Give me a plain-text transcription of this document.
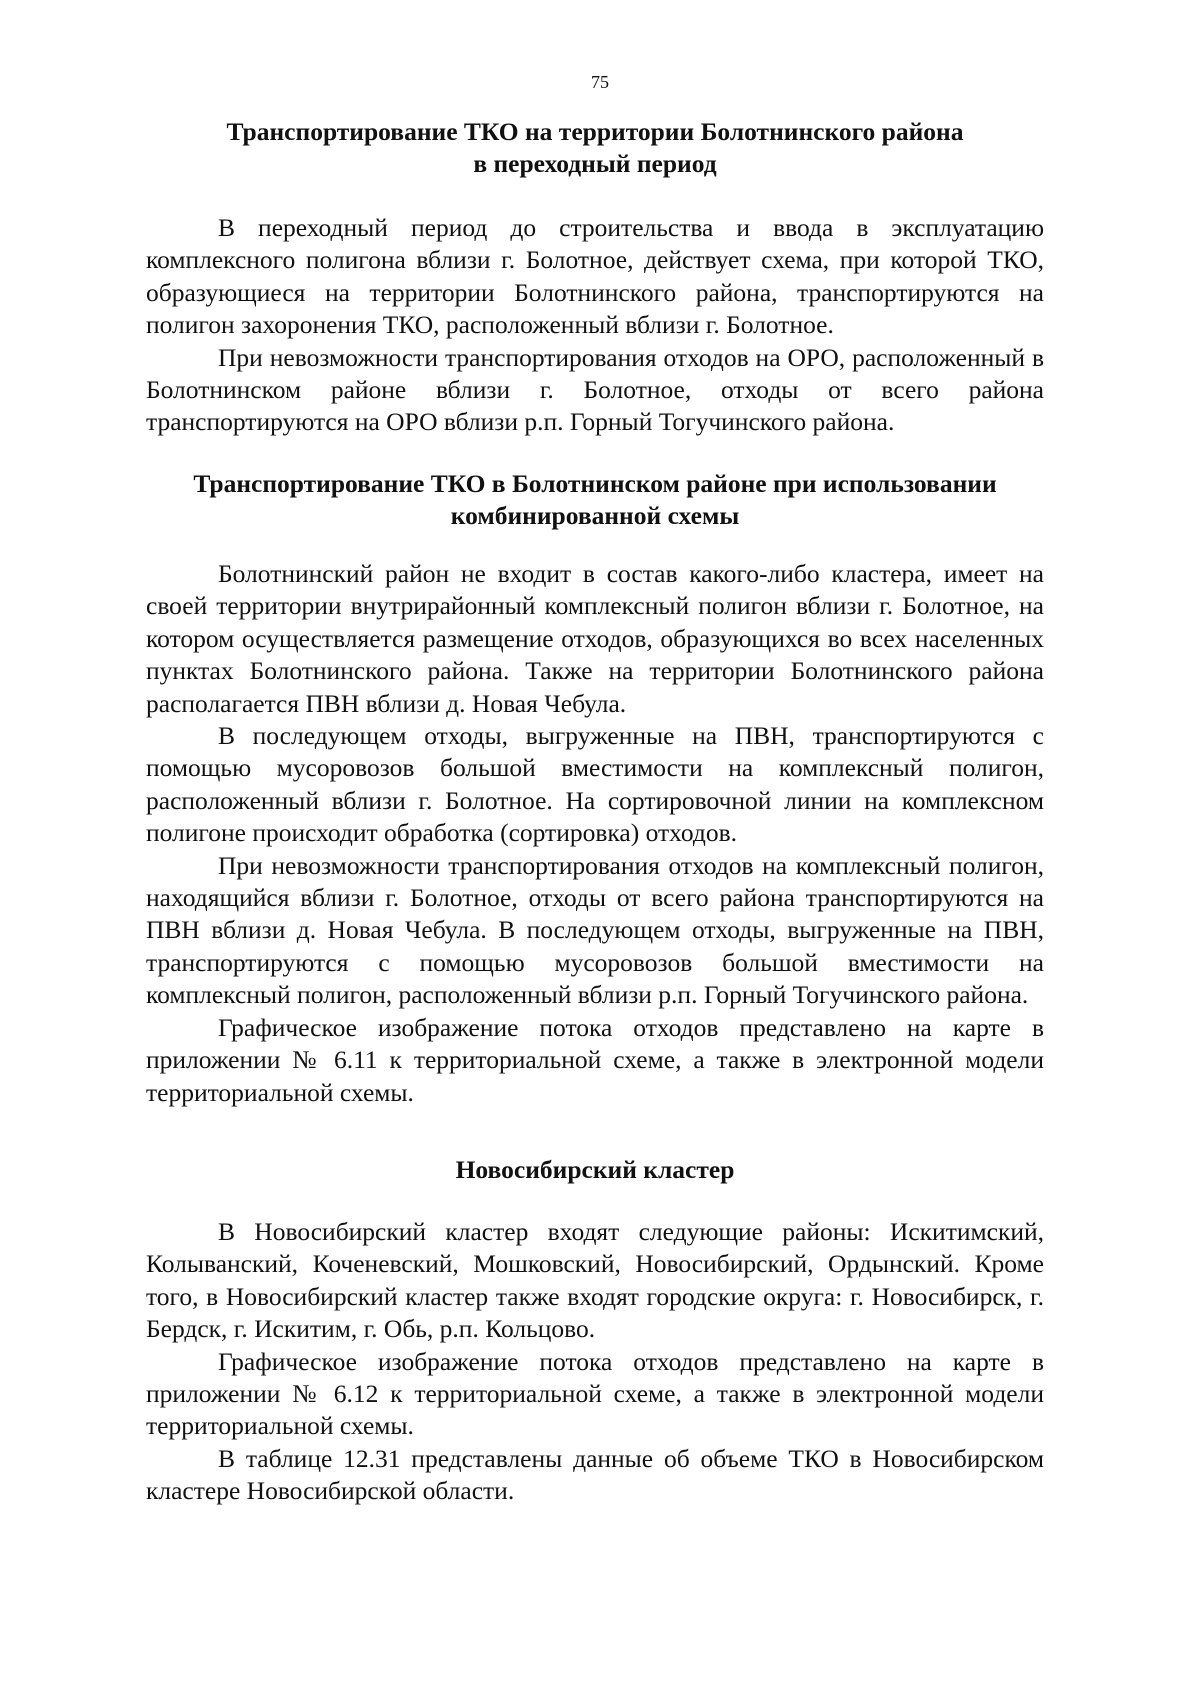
75
Транспортирование ТКО на территории Болотнинского района
в переходный период

В переходный период до строительства и ввода в эксплуатацию комплексного полигона вблизи г. Болотное, действует схема, при которой ТКО, образующиеся на территории Болотнинского района, транспортируются на полигон захоронения ТКО, расположенный вблизи г. Болотное.

При невозможности транспортирования отходов на ОРО, расположенный в Болотнинском районе вблизи г. Болотное, отходы от всего района транспортируются на ОРО вблизи р.п. Горный Тогучинского района.

Транспортирование ТКО в Болотнинском районе при использовании
комбинированной схемы

Болотнинский район не входит в состав какого-либо кластера, имеет на своей территории внутрирайонный комплексный полигон вблизи г. Болотное, на котором осуществляется размещение отходов, образующихся во всех населенных пунктах Болотнинского района. Также на территории Болотнинского района располагается ПВН вблизи д. Новая Чебула.

В последующем отходы, выгруженные на ПВН, транспортируются с помощью мусоровозов большой вместимости на комплексный полигон, расположенный вблизи г. Болотное. На сортировочной линии на комплексном полигоне происходит обработка (сортировка) отходов.

При невозможности транспортирования отходов на комплексный полигон, находящийся вблизи г. Болотное, отходы от всего района транспортируются на ПВН вблизи д. Новая Чебула. В последующем отходы, выгруженные на ПВН, транспортируются с помощью мусоровозов большой вместимости на комплексный полигон, расположенный вблизи р.п. Горный Тогучинского района.

Графическое изображение потока отходов представлено на карте в приложении № 6.11 к территориальной схеме, а также в электронной модели территориальной схемы.

Новосибирский кластер

В Новосибирский кластер входят следующие районы: Искитимский, Колыванский, Коченевский, Мошковский, Новосибирский, Ордынский. Кроме того, в Новосибирский кластер также входят городские округа: г. Новосибирск, г. Бердск, г. Искитим, г. Обь, р.п. Кольцово.

Графическое изображение потока отходов представлено на карте в приложении № 6.12 к территориальной схеме, а также в электронной модели территориальной схемы.

В таблице 12.31 представлены данные об объеме ТКО в Новосибирском кластере Новосибирской области.
